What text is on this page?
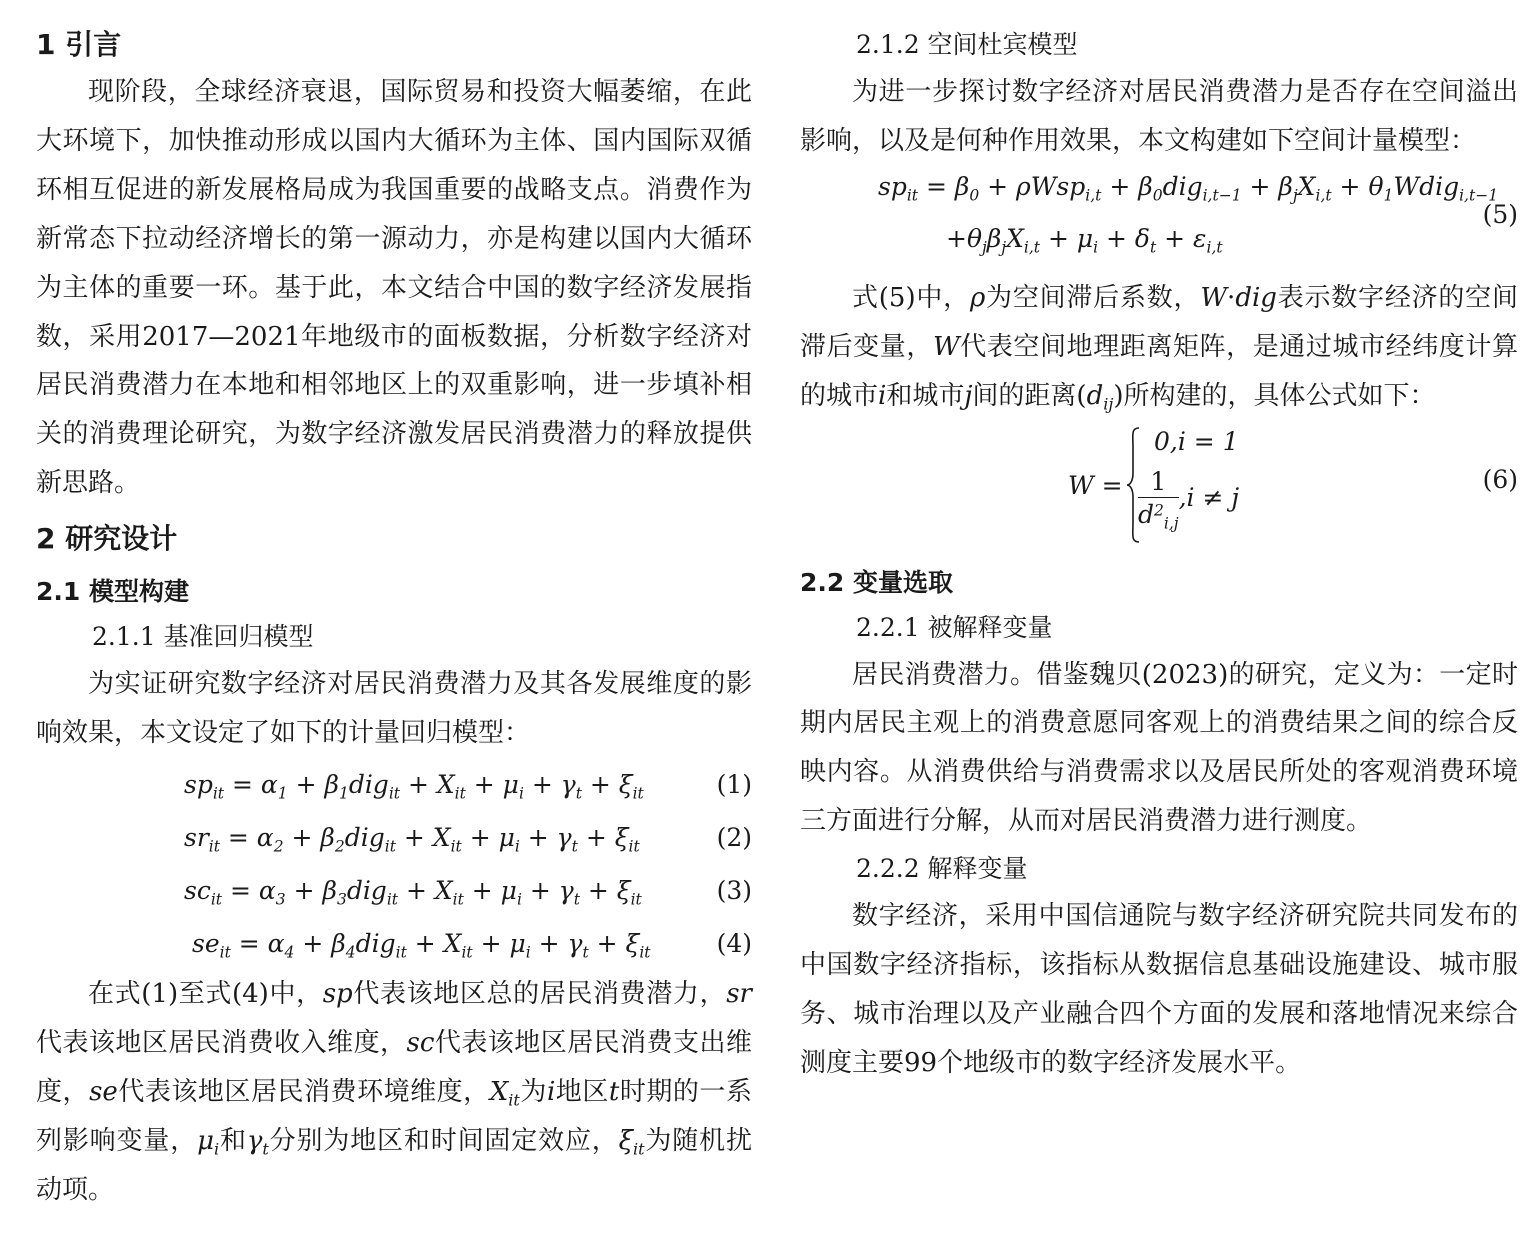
1 引言

现阶段，全球经济衰退，国际贸易和投资大幅萎缩，在此大环境下，加快推动形成以国内大循环为主体、国内国际双循环相互促进的新发展格局成为我国重要的战略支点。消费作为新常态下拉动经济增长的第一源动力，亦是构建以国内大循环为主体的重要一环。基于此，本文结合中国的数字经济发展指数，采用2017—2021年地级市的面板数据，分析数字经济对居民消费潜力在本地和相邻地区上的双重影响，进一步填补相关的消费理论研究，为数字经济激发居民消费潜力的释放提供新思路。

2 研究设计
2.1 模型构建
2.1.1 基准回归模型

为实证研究数字经济对居民消费潜力及其各发展维度的影响效果，本文设定了如下的计量回归模型：

$sp_{it} = \alpha_1 + \beta_1dig_{it} + X_{it} + \mu_i + \gamma_t + \xi_{it}$	(1)
$sr_{it} = \alpha_2 + \beta_2dig_{it} + X_{it} + \mu_i + \gamma_t + \xi_{it}$	(2)
$sc_{it} = \alpha_3 + \beta_3dig_{it} + X_{it} + \mu_i + \gamma_t + \xi_{it}$	(3)
$se_{it} = \alpha_4 + \beta_4dig_{it} + X_{it} + \mu_i + \gamma_t + \xi_{it}$	(4)

在式(1)至式(4)中，sp代表该地区总的居民消费潜力，sr代表该地区居民消费收入维度，sc代表该地区居民消费支出维度，se代表该地区居民消费环境维度，$X_{it}$为i地区t时期的一系列影响变量，$\mu_i$和$\gamma_t$分别为地区和时间固定效应，$\xi_{it}$为随机扰动项。

2.1.2 空间杜宾模型

为进一步探讨数字经济对居民消费潜力是否存在空间溢出影响，以及是何种作用效果，本文构建如下空间计量模型：

$sp_{it} = \beta_0 + \rho Wsp_{i,t} + \beta_0dig_{i,t-1} + \beta_jX_{i,t}$ + $\theta_1Wdig_{i,t-1}$
$+\theta_j\beta_jX_{i,t} + \mu_i + \delta_t + \varepsilon_{i,t}$
(5)

式(5)中，ρ为空间滞后系数，W·dig表示数字经济的空间滞后变量，W代表空间地理距离矩阵，是通过城市经纬度计算的城市i和城市j间的距离$(d_{ij})$所构建的，具体公式如下：

W =
0,i = 1
$\frac{1}{d^2_{i,j}} ,i \ne j$
(6)
2.2 变量选取
2.2.1 被解释变量

居民消费潜力。借鉴魏贝(2023)的研究，定义为：一定时期内居民主观上的消费意愿同客观上的消费结果之间的综合反映内容。从消费供给与消费需求以及居民所处的客观消费环境三方面进行分解，从而对居民消费潜力进行测度。

2.2.2 解释变量

数字经济，采用中国信通院与数字经济研究院共同发布的中国数字经济指标，该指标从数据信息基础设施建设、城市服务、城市治理以及产业融合四个方面的发展和落地情况来综合测度主要99个地级市的数字经济发展水平。
